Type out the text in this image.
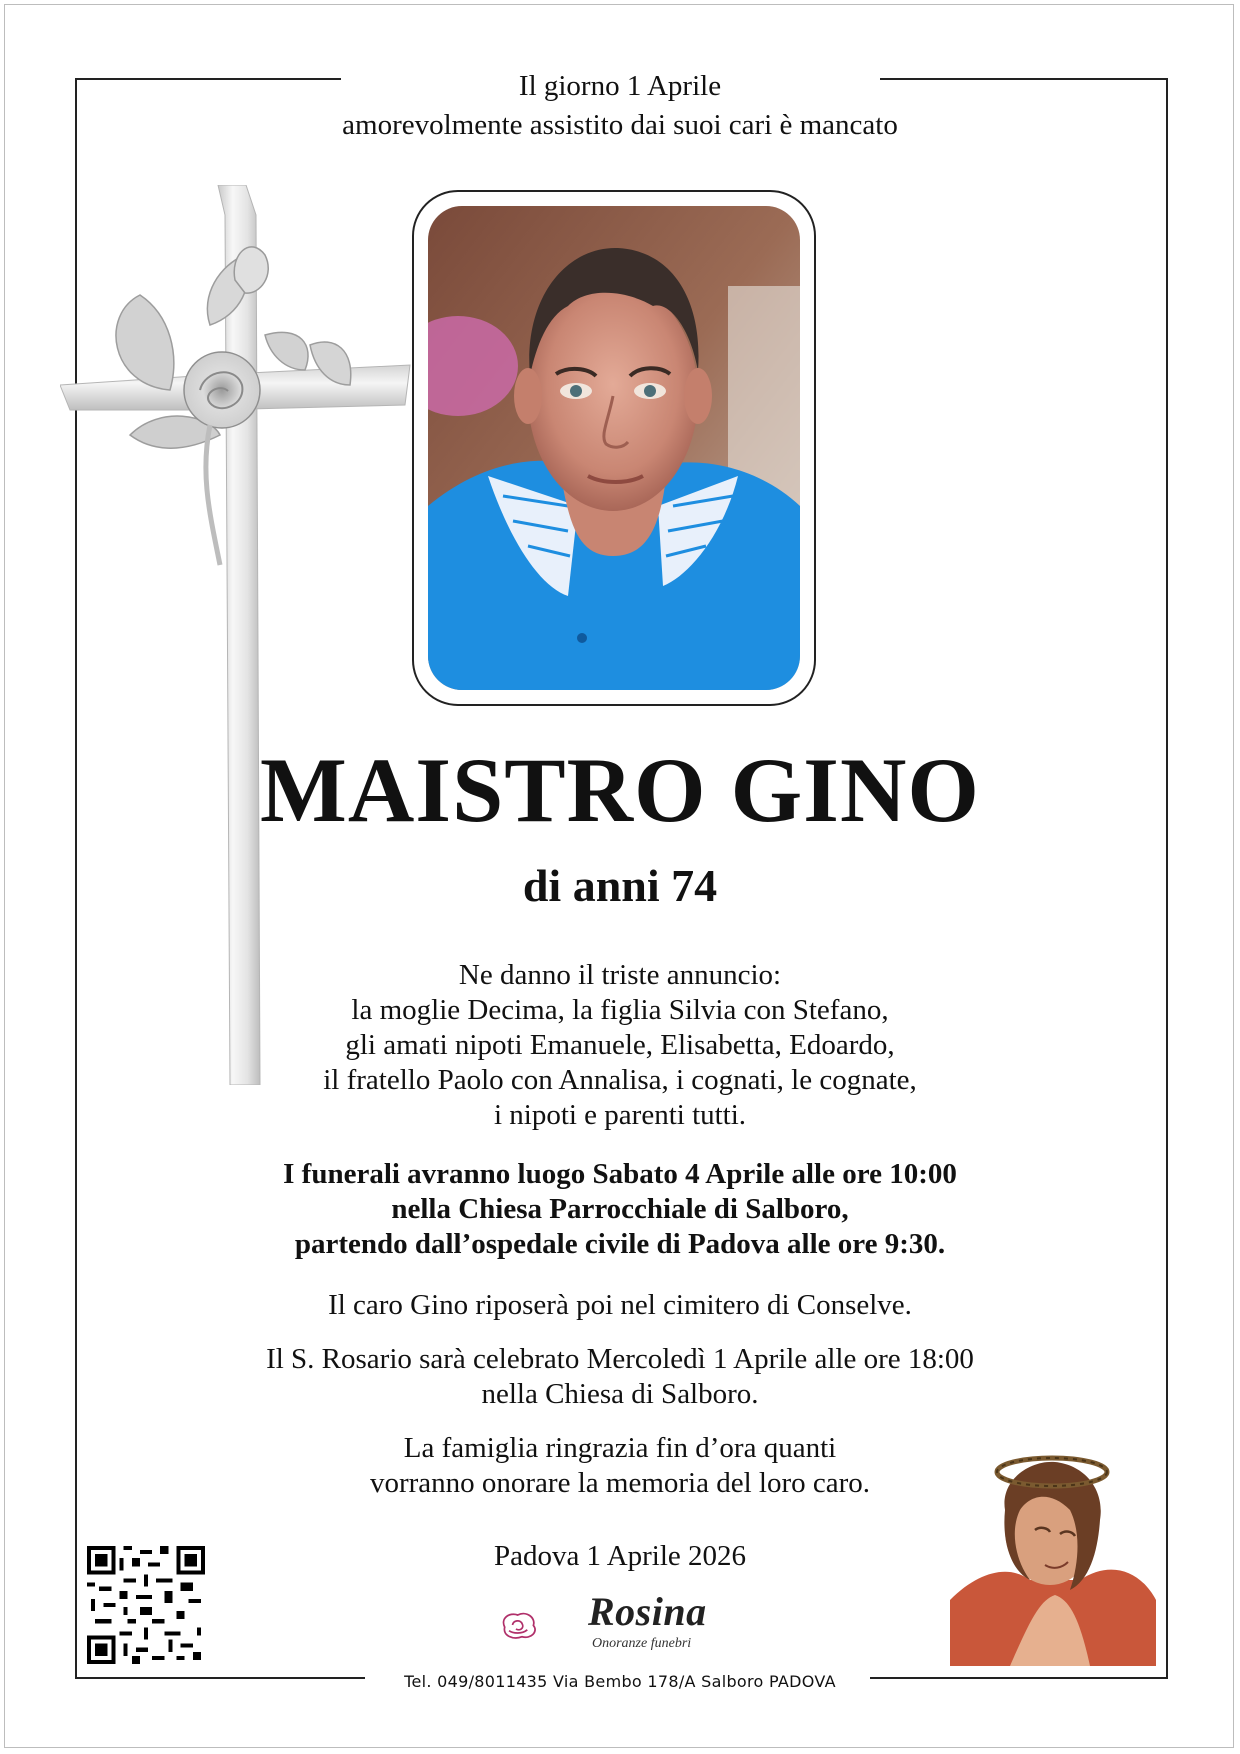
Il giorno 1 Aprile
amorevolmente assistito dai suoi cari è mancato
MAISTRO GINO
di anni 74
Ne danno il triste annuncio:
la moglie Decima, la figlia Silvia con Stefano,
gli amati nipoti Emanuele, Elisabetta, Edoardo,
il fratello Paolo con Annalisa, i cognati, le cognate,
i nipoti e parenti tutti.
I funerali avranno luogo Sabato 4 Aprile alle ore 10:00
nella Chiesa Parrocchiale di Salboro,
partendo dall’ospedale civile di Padova alle ore 9:30.
Il caro Gino riposerà poi nel cimitero di Conselve.
Il S. Rosario sarà celebrato Mercoledì 1 Aprile alle ore 18:00
nella Chiesa di Salboro.
La famiglia ringrazia fin d’ora quanti
vorranno onorare la memoria del loro caro.
Padova 1 Aprile 2026
Rosina
Onoranze funebri
Tel. 049/8011435 Via Bembo 178/A Salboro PADOVA
